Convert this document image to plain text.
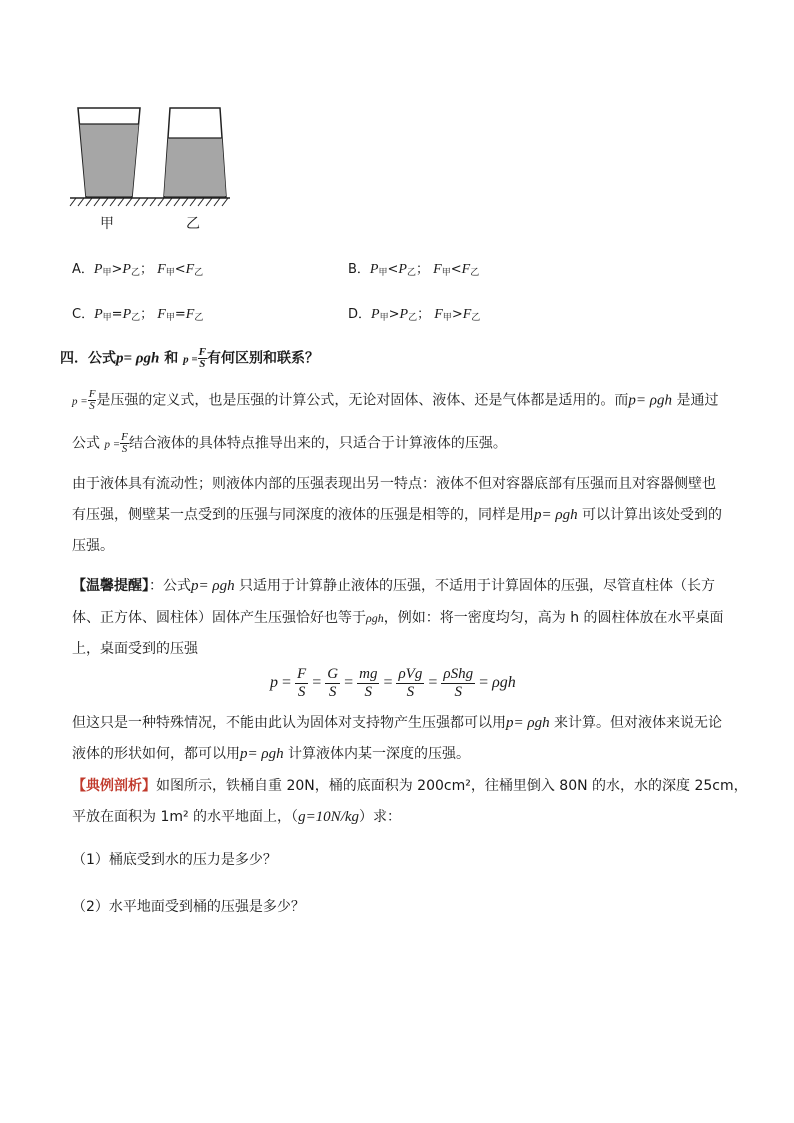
甲	乙
A．$P_甲>P_乙$； $F_甲<F_乙$	B．$P_甲<P_乙$； $F_甲<F_乙$
C．$P_甲=P_乙$； $F_甲=F_乙$	D．$P_甲>P_乙$； $F_甲>F_乙$
四．公式p= ρgh 和 $p = \frac{F}{S}$ 有何区别和联系？
$p = \frac{F}{S}$ 是压强的定义式，也是压强的计算公式，无论对固体、液体、还是气体都是适用的。而p= ρgh 是通过
公式 $p = \frac{F}{S}$ 结合液体的具体特点推导出来的，只适合于计算液体的压强。
由于液体具有流动性；则液体内部的压强表现出另一特点：液体不但对容器底部有压强而且对容器侧壁也
有压强，侧壁某一点受到的压强与同深度的液体的压强是相等的，同样是用p= ρgh 可以计算出该处受到的
压强。
【温馨提醒】：公式p= ρgh 只适用于计算静止液体的压强，不适用于计算固体的压强，尽管直柱体（长方
体、正方体、圆柱体）固体产生压强恰好也等于ρgh，例如：将一密度均匀，高为 h 的圆柱体放在水平桌面
上，桌面受到的压强
$p = \frac{F}{S} = \frac{G}{S} = \frac{mg}{S} = \frac{\text{ρVg}}{S} = \frac{\text{ρShg}}{S} = \rho gh$
但这只是一种特殊情况，不能由此认为固体对支持物产生压强都可以用p= ρgh 来计算。但对液体来说无论
液体的形状如何，都可以用p= ρgh 计算液体内某一深度的压强。
【典例剖析】如图所示，铁桶自重 20N，桶的底面积为 200cm²，往桶里倒入 80N 的水，水的深度 25cm，
平放在面积为 1m² 的水平地面上，（g=10N/kg）求：
（1）桶底受到水的压力是多少？
（2）水平地面受到桶的压强是多少？
